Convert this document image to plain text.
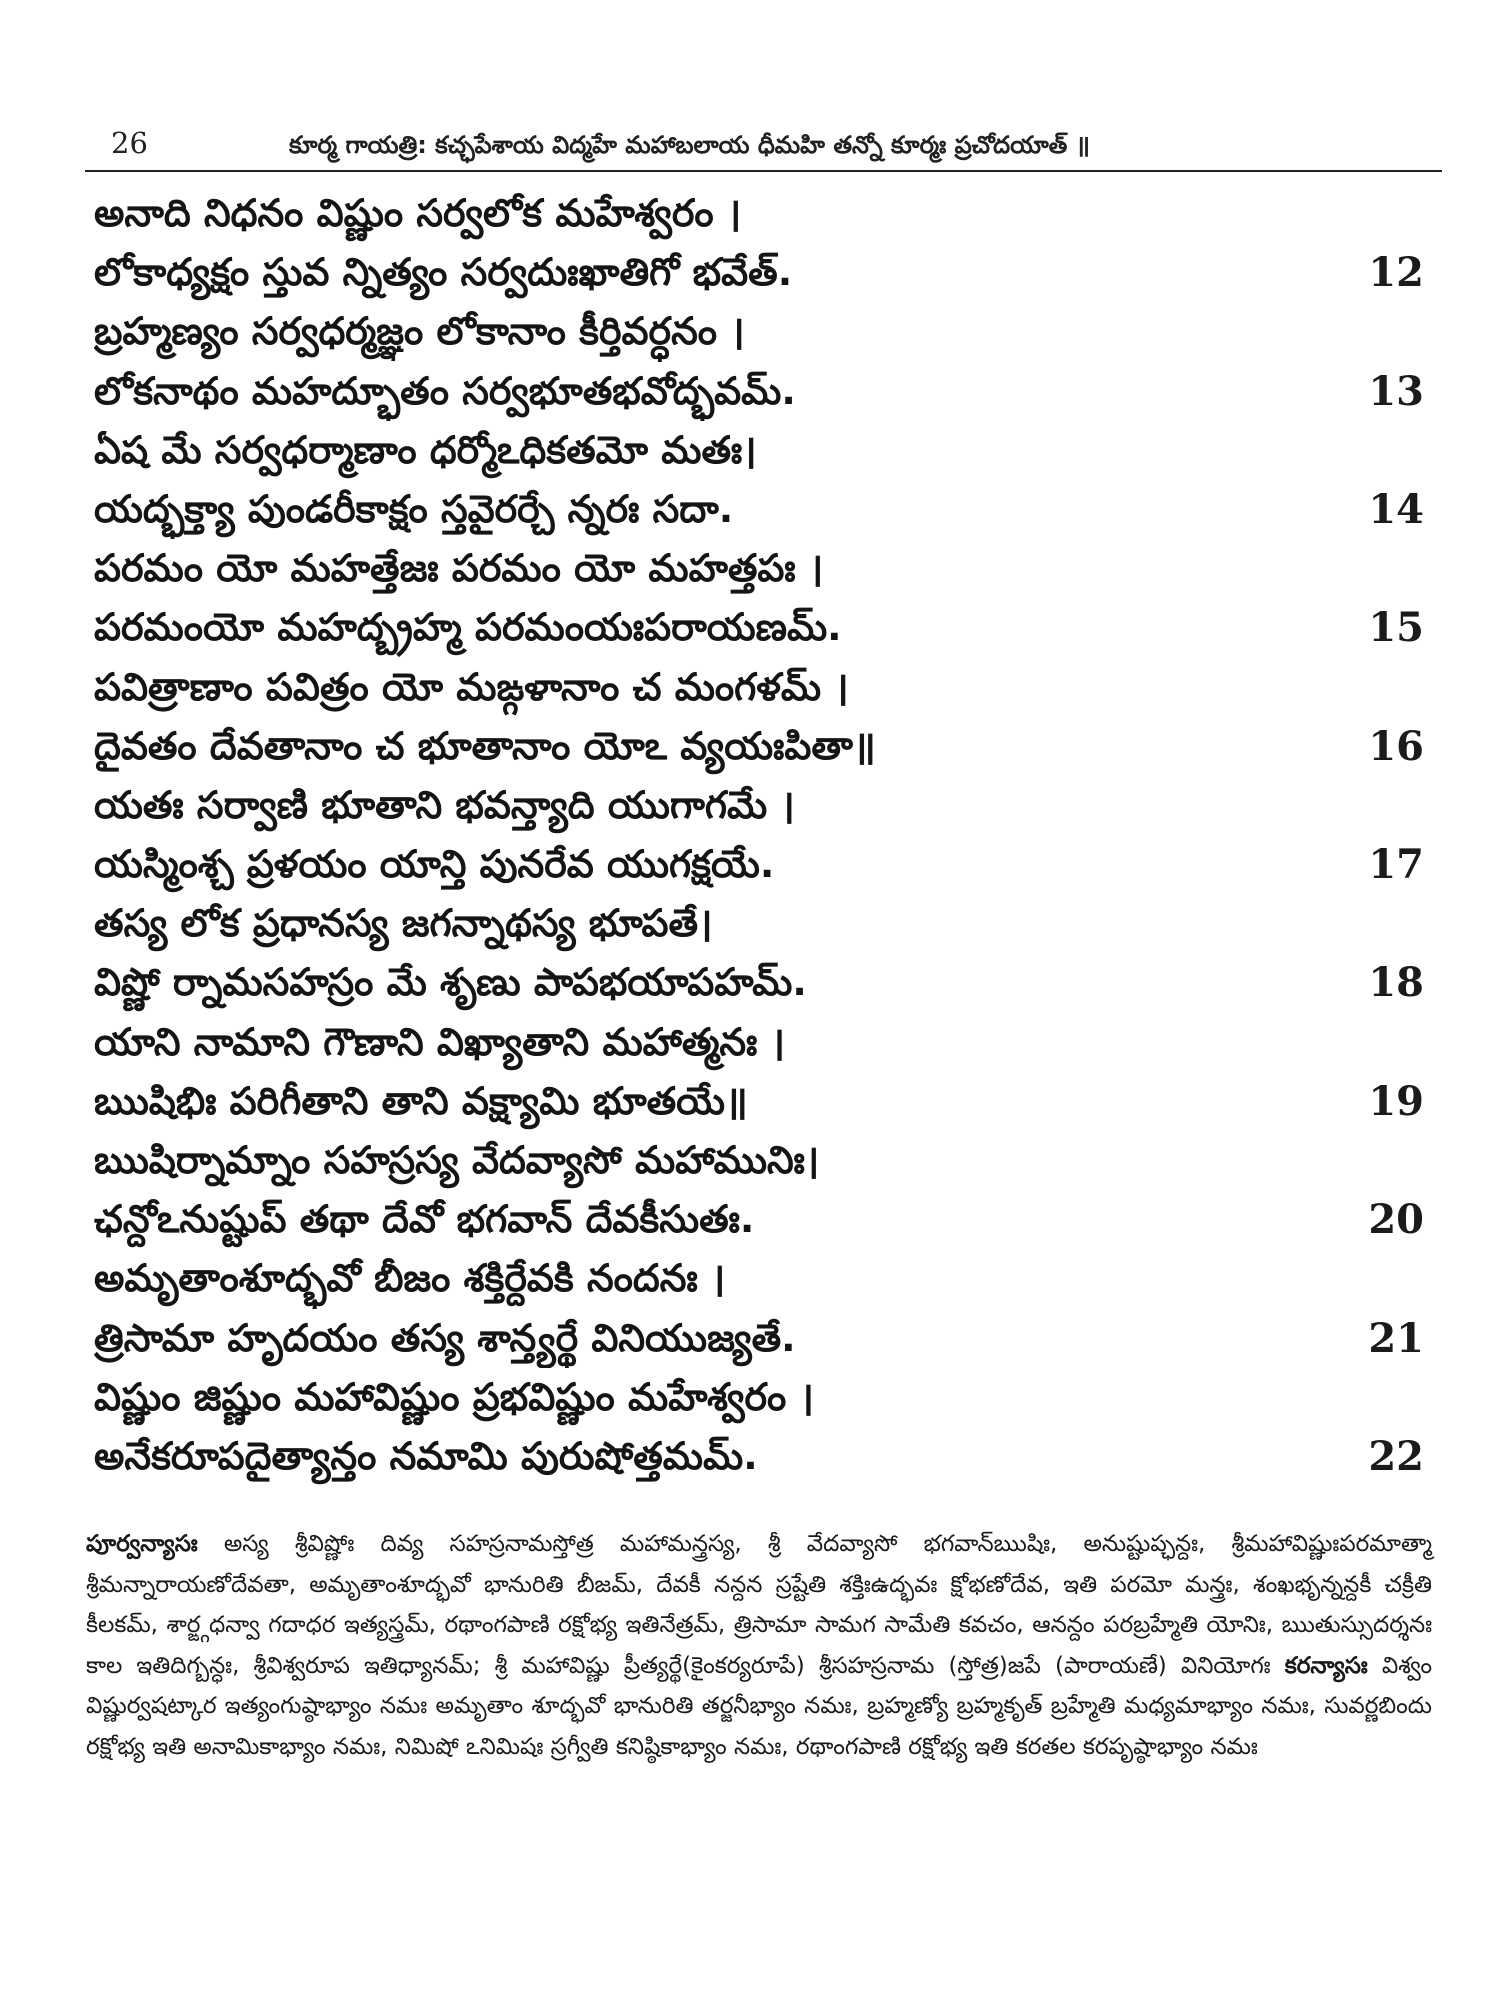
26	కూర్మ గాయత్రి: కచ్ఛపేశాయ విద్మహే మహాబలాయ ధీమహి తన్నో కూర్మః ప్రచోదయాత్ ॥
అనాది నిధనం విష్ణుం సర్వలోక మహేశ్వరం ।
లోకాధ్యక్షం స్తువ న్నిత్యం సర్వదుఃఖాతిగో భవేత్.	12
బ్రహ్మణ్యం సర్వధర్మజ్ఞం లోకానాం కీర్తివర్ధనం ।
లోకనాథం మహద్భూతం సర్వభూతభవోద్భవమ్.	13
ఏష మే సర్వధర్మాణాం ధర్మోఽధికతమో మతః।
యద్భక్త్యా పుండరీకాక్షం స్తవైరర్చే న్నరః సదా.	14
పరమం యో మహత్తేజః పరమం యో మహత్తపః ।
పరమంయో మహద్బ్రహ్మ పరమంయఃపరాయణమ్.	15
పవిత్రాణాం పవిత్రం యో మఙ్గళానాం చ మంగళమ్ ।
దైవతం దేవతానాం చ భూతానాం యోఽ వ్యయఃపితా॥	16
యతః సర్వాణి భూతాని భవన్త్యాది యుగాగమే ।
యస్మింశ్చ ప్రళయం యాన్తి పునరేవ యుగక్షయే.	17
తస్య లోక ప్రధానస్య జగన్నాథస్య భూపతే।
విష్ణో ర్నామసహస్రం మే శృణు పాపభయాపహమ్.	18
యాని నామాని గౌణాని విఖ్యాతాని మహాత్మనః ।
ఋషిభిః పరిగీతాని తాని వక్ష్యామి భూతయే॥	19
ఋషిర్నామ్నాం సహస్రస్య వేదవ్యాసో మహామునిః।
ఛన్దోఽనుష్టుప్ తథా దేవో భగవాన్ దేవకీసుతః.	20
అమృతాంశూద్భవో బీజం శక్తిర్దేవకి నందనః ।
త్రిసామా హృదయం తస్య శాన్త్యర్థే వినియుజ్యతే.	21
విష్ణుం జిష్ణుం మహావిష్ణుం ప్రభవిష్ణుం మహేశ్వరం ।
అనేకరూపదైత్యాన్తం నమామి పురుషోత్తమమ్.	22
పూర్వన్యాసః అస్య శ్రీవిష్ణోః దివ్య సహస్రనామస్తోత్ర మహామన్త్రస్య, శ్రీ వేదవ్యాసో భగవాన్ఋషిః, అనుష్టుప్ఛన్దః, శ్రీమహావిష్ణుఃపరమాత్మా శ్రీమన్నారాయణోదేవతా, అమృతాంశూద్భవో భానురితి బీజమ్, దేవకీ నన్దన స్రష్టేతి శక్తిఃఉద్భవః క్షోభణోదేవ, ఇతి పరమో మన్త్రః, శంఖభృన్నన్దకీ చక్రీతి కీలకమ్, శార్ఙ్గధన్వా గదాధర ఇత్యస్త్రమ్, రథాంగపాణి రక్షోభ్య ఇతినేత్రమ్, త్రిసామా సామగ సామేతి కవచం, ఆనన్దం పరబ్రహ్మేతి యోనిః, ఋతుస్సుదర్శనః కాల ఇతిదిగ్బన్ధః, శ్రీవిశ్వరూప ఇతిధ్యానమ్; శ్రీ మహావిష్ణు ప్రీత్యర్థే(కైంకర్యరూపే) శ్రీసహస్రనామ (స్తోత్ర)జపే (పారాయణే) వినియోగః కరన్యాసః విశ్వం విష్ణుర్వషట్కార ఇత్యంగుష్ఠాభ్యాం నమః అమృతాం శూద్భవో భానురితి తర్జనీభ్యాం నమః, బ్రహ్మణ్యో బ్రహ్మకృత్ బ్రహ్మేతి మధ్యమాభ్యాం నమః, సువర్ణబిందు రక్షోభ్య ఇతి అనామికాభ్యాం నమః, నిమిషో ఽనిమిషః స్రగ్వీతి కనిష్ఠికాభ్యాం నమః, రథాంగపాణి రక్షోభ్య ఇతి కరతల కరపృష్ఠాభ్యాం నమః
